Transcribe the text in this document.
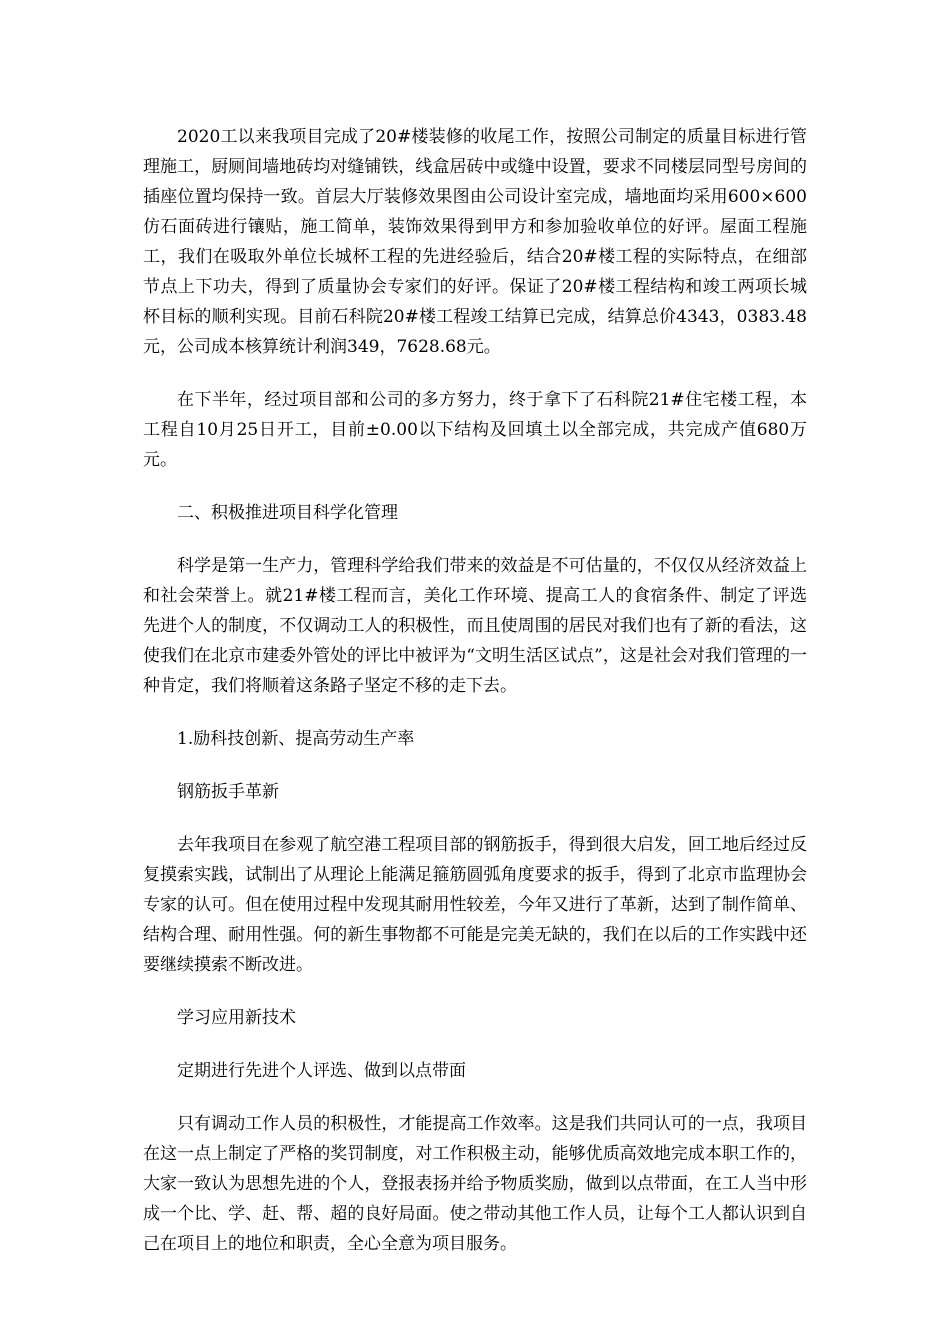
2020工以来我项目完成了20#楼装修的收尾工作，按照公司制定的质量目标进行管理施工，厨厕间墙地砖均对缝铺铁，线盒居砖中或缝中设置，要求不同楼层同型号房间的插座位置均保持一致。首层大厅装修效果图由公司设计室完成，墙地面均采用600×600仿石面砖进行镶贴，施工简单，装饰效果得到甲方和参加验收单位的好评。屋面工程施工，我们在吸取外单位长城杯工程的先进经验后，结合20#楼工程的实际特点，在细部节点上下功夫，得到了质量协会专家们的好评。保证了20#楼工程结构和竣工两项长城杯目标的顺利实现。目前石科院20#楼工程竣工结算已完成，结算总价4343，0383.48元，公司成本核算统计利润349，7628.68元。

在下半年，经过项目部和公司的多方努力，终于拿下了石科院21#住宅楼工程，本工程自10月25日开工，目前±0.00以下结构及回填土以全部完成，共完成产值680万元。

二、积极推进项目科学化管理

科学是第一生产力，管理科学给我们带来的效益是不可估量的，不仅仅从经济效益上和社会荣誉上。就21#楼工程而言，美化工作环境、提高工人的食宿条件、制定了评选先进个人的制度，不仅调动工人的积极性，而且使周围的居民对我们也有了新的看法，这使我们在北京市建委外管处的评比中被评为“文明生活区试点”，这是社会对我们管理的一种肯定，我们将顺着这条路子坚定不移的走下去。

1.励科技创新、提高劳动生产率

钢筋扳手革新

去年我项目在参观了航空港工程项目部的钢筋扳手，得到很大启发，回工地后经过反复摸索实践，试制出了从理论上能满足箍筋圆弧角度要求的扳手，得到了北京市监理协会专家的认可。但在使用过程中发现其耐用性较差，今年又进行了革新，达到了制作简单、结构合理、耐用性强。何的新生事物都不可能是完美无缺的，我们在以后的工作实践中还要继续摸索不断改进。

学习应用新技术

定期进行先进个人评选、做到以点带面

只有调动工作人员的积极性，才能提高工作效率。这是我们共同认可的一点，我项目在这一点上制定了严格的奖罚制度，对工作积极主动，能够优质高效地完成本职工作的，大家一致认为思想先进的个人，登报表扬并给予物质奖励，做到以点带面，在工人当中形成一个比、学、赶、帮、超的良好局面。使之带动其他工作人员，让每个工人都认识到自己在项目上的地位和职责，全心全意为项目服务。
